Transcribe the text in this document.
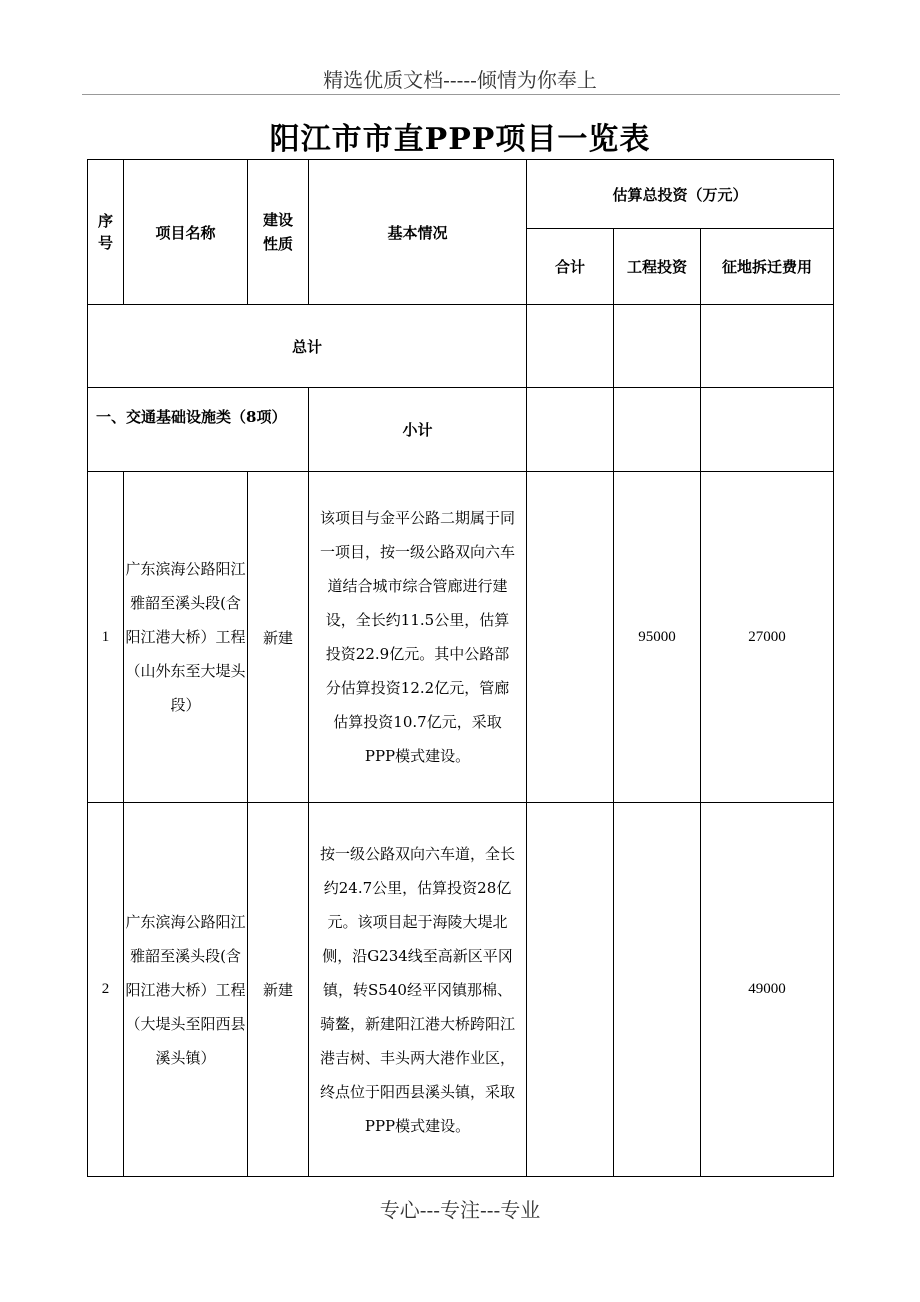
精选优质文档-----倾情为你奉上
阳江市市直PPP项目一览表
序号	项目名称	建设性质	基本情况	估算总投资（万元）		
				合计	工程投资	征地拆迁费用
总计						
一、交通基础设施类（8项）			小计			
1	广东滨海公路阳江雅韶至溪头段(含阳江港大桥）工程（山外东至大堤头段）	新建	该项目与金平公路二期属于同一项目，按一级公路双向六车道结合城市综合管廊进行建设，全长约11.5公里，估算投资22.9亿元。其中公路部分估算投资12.2亿元，管廊估算投资10.7亿元，采取PPP模式建设。		95000	27000
2	广东滨海公路阳江雅韶至溪头段(含阳江港大桥）工程（大堤头至阳西县溪头镇）	新建	按一级公路双向六车道，全长约24.7公里，估算投资28亿元。该项目起于海陵大堤北侧，沿G234线至高新区平冈镇，转S540经平冈镇那棉、骑鳌，新建阳江港大桥跨阳江港吉树、丰头两大港作业区，终点位于阳西县溪头镇，采取PPP模式建设。			49000
专心---专注---专业
